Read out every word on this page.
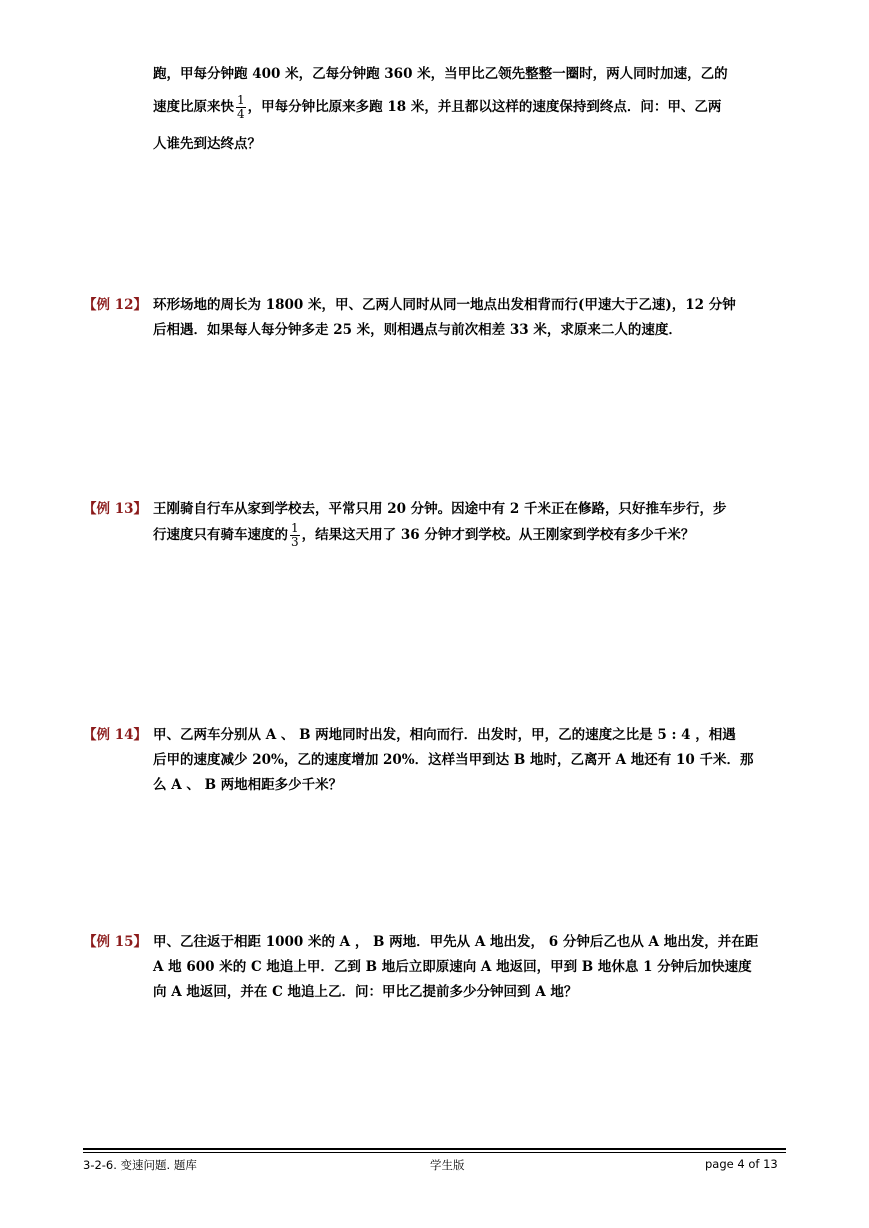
跑，甲每分钟跑 400 米，乙每分钟跑 360 米，当甲比乙领先整整一圈时，两人同时加速，乙的
速度比原来快 $\frac{1}{4}$ ，甲每分钟比原来多跑 18 米，并且都以这样的速度保持到终点．问：甲、乙两
人谁先到达终点？
【例 12】 环形场地的周长为 1800 米，甲、乙两人同时从同一地点出发相背而行(甲速大于乙速)，12 分钟
后相遇．如果每人每分钟多走 25 米，则相遇点与前次相差 33 米，求原来二人的速度．
【例 13】 王刚骑自行车从家到学校去，平常只用 20 分钟。因途中有 2 千米正在修路，只好推车步行，步
行速度只有骑车速度的 $\frac{1}{3}$ ，结果这天用了 36 分钟才到学校。从王刚家到学校有多少千米？
【例 14】 甲、乙两车分别从 A 、 B 两地同时出发，相向而行．出发时，甲，乙的速度之比是 5 : 4 ，相遇
后甲的速度减少 20%，乙的速度增加 20%．这样当甲到达 B 地时，乙离开 A 地还有 10 千米．那
么 A 、 B 两地相距多少千米？
【例 15】 甲、乙往返于相距 1000 米的 A ， B 两地．甲先从 A 地出发， 6 分钟后乙也从 A 地出发，并在距
A 地 600 米的 C 地追上甲．乙到 B 地后立即原速向 A 地返回，甲到 B 地休息 1 分钟后加快速度
向 A 地返回，并在 C 地追上乙．问：甲比乙提前多少分钟回到 A 地？
3-2-6. 变速问题. 题库	学生版	page 4 of 13
